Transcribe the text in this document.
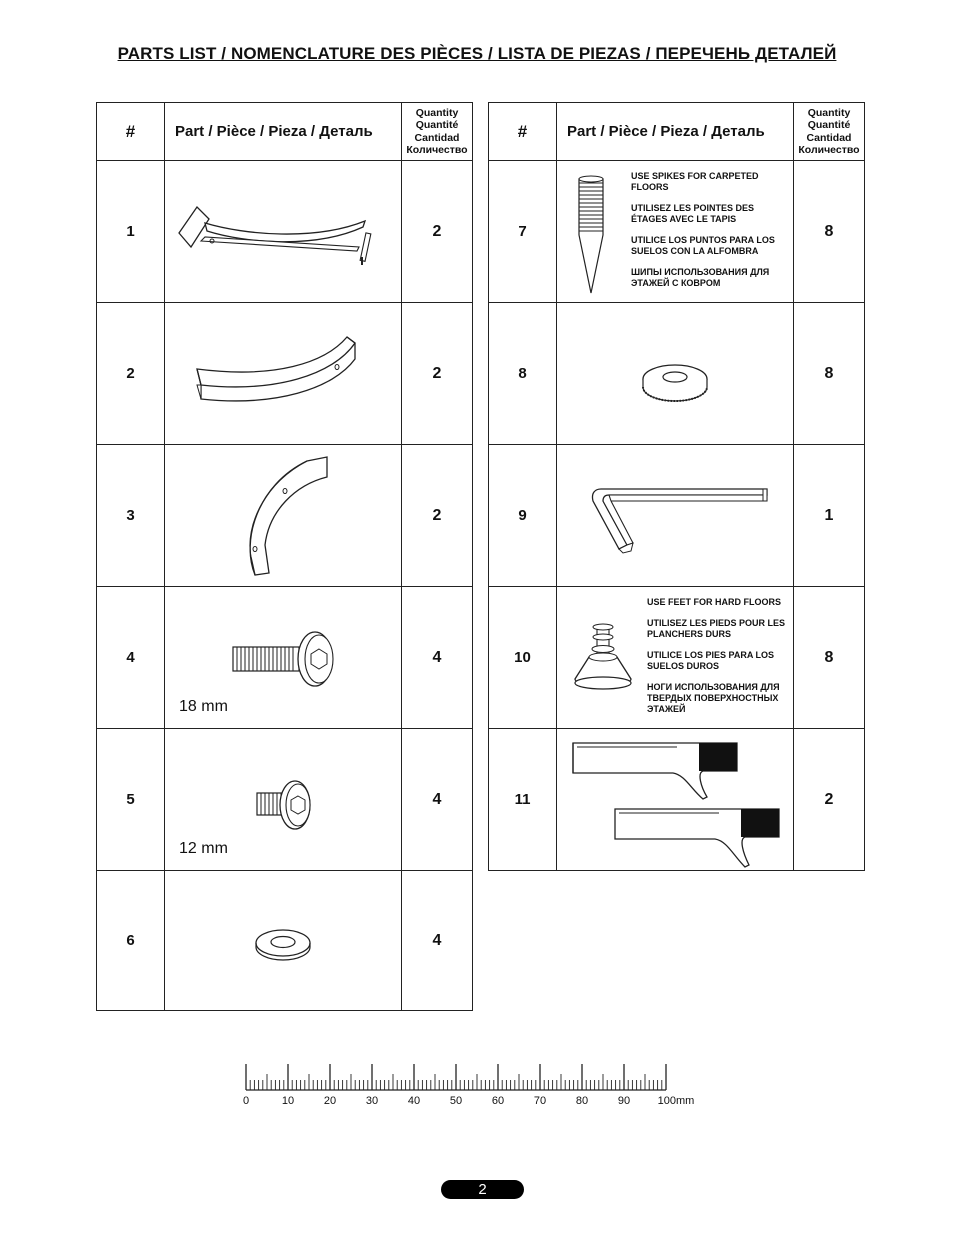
PARTS LIST / NOMENCLATURE DES PIÈCES / LISTA DE PIEZAS / ПЕРЕЧЕНЬ ДЕТАЛЕЙ
#	Part / Pièce / Pieza / Деталь	Quantity
Quantité
Cantidad
Количество

1		2
2		2
3		2
4	18 mm	4
5	12 mm	4
6		4
#	Part / Pièce / Pieza / Деталь	Quantity
Quantité
Cantidad
Количество

7	USE SPIKES FOR CARPETED FLOORS

UTILISEZ LES POINTES DES ÉTAGES AVEC LE TAPIS

UTILICE LOS PUNTOS PARA LOS SUELOS CON LA ALFOMBRA

ШИПЫ ИСПОЛЬЗОВАНИЯ ДЛЯ ЭТАЖЕЙ С КОВРОМ	8
8		8
9		1
10	USE FEET FOR HARD FLOORS

UTILISEZ LES PIEDS POUR LES PLANCHERS DURS

UTILICE LOS PIES PARA LOS SUELOS DUROS

НОГИ ИСПОЛЬЗОВАНИЯ ДЛЯ ТВЕРДЫХ ПОВЕРХНОСТНЫХ ЭТАЖЕЙ	8
11		2
0	10	20	30	40	50	60	70	80	90	100mm
2
